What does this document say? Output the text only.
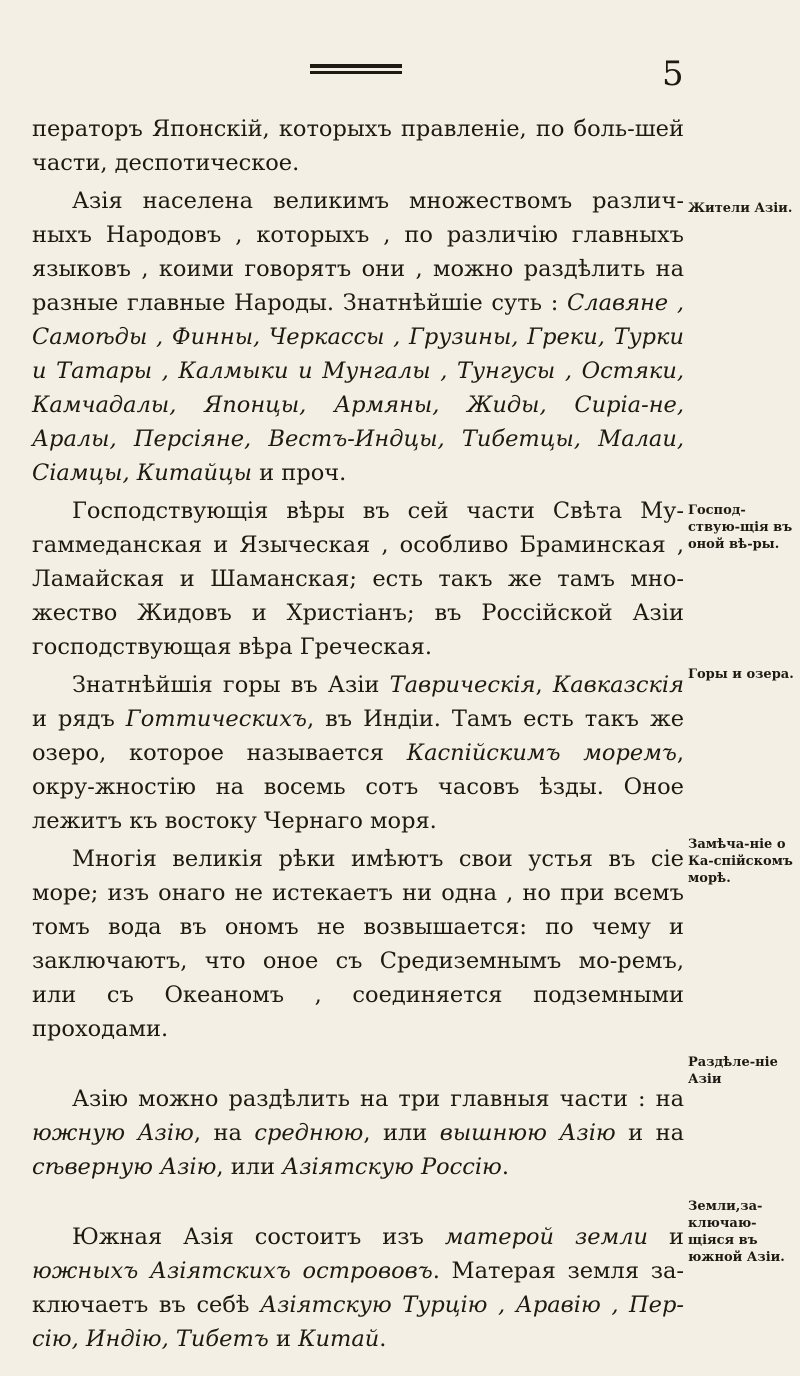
5

ператоръ Японскiй, которыхъ правленiе, по боль-шей части, деспотическое.

Азiя населена великимъ множествомъ различ-ныхъ Народовъ , которыхъ , по различiю главныхъ языковъ , коими говорятъ они , можно раздѣлить на разные главные Народы. Знатнѣйшiе суть : Славяне , Самоѣды , Финны, Черкассы , Грузины, Греки, Турки и Татары , Калмыки и Мунгалы , Тунгусы , Остяки, Камчадалы, Японцы, Армяны, Жиды, Сирiа-не, Аралы, Персiяне, Вестъ-Индцы, Тибетцы, Малаи, Сiамцы, Китайцы и проч.

Господствующiя вѣры въ сей части Свѣта Му-гаммеданская и Языческая , особливо Браминская , Ламайская и Шаманская; есть такъ же тамъ мно-жество Жидовъ и Христiанъ; въ Россiйской Азiи господствующая вѣра Греческая.

Знатнѣйшiя горы въ Азiи Таврическiя, Кавказскiя и рядъ Готтическихъ, въ Индiи. Тамъ есть такъ же озеро, которое называется Каспiйскимъ моремъ, окру-жностiю на восемь сотъ часовъ ѣзды. Оное лежитъ къ востоку Чернаго моря.

Многiя великiя рѣки имѣютъ свои устья въ сiе море; изъ онаго не истекаетъ ни одна , но при всемъ томъ вода въ ономъ не возвышается: по чему и заключаютъ, что оное съ Средиземнымъ мо-ремъ, или съ Океаномъ , соединяется подземными проходами.

Азiю можно раздѣлить на три главныя части : на южную Азiю, на среднюю, или вышнюю Азiю и на сѣверную Азiю, или Азiятскую Россiю.

Южная Азiя состоитъ изъ матерой земли и южныхъ Азiятскихъ острововъ. Матерая земля за-ключаетъ въ себѣ Азiятскую Турцiю , Аравiю , Пер-сiю, Индiю, Тибетъ и Китай.

Жители Азiи.
Господ-ствую-щiя въ оной вѣ-ры.
Горы и озера.
Замѣча-нiе о Ка-спiйскомъ морѣ.
Раздѣле-нiе Азiи
Земли,за-ключаю-щiяся въ южной Азiи.
